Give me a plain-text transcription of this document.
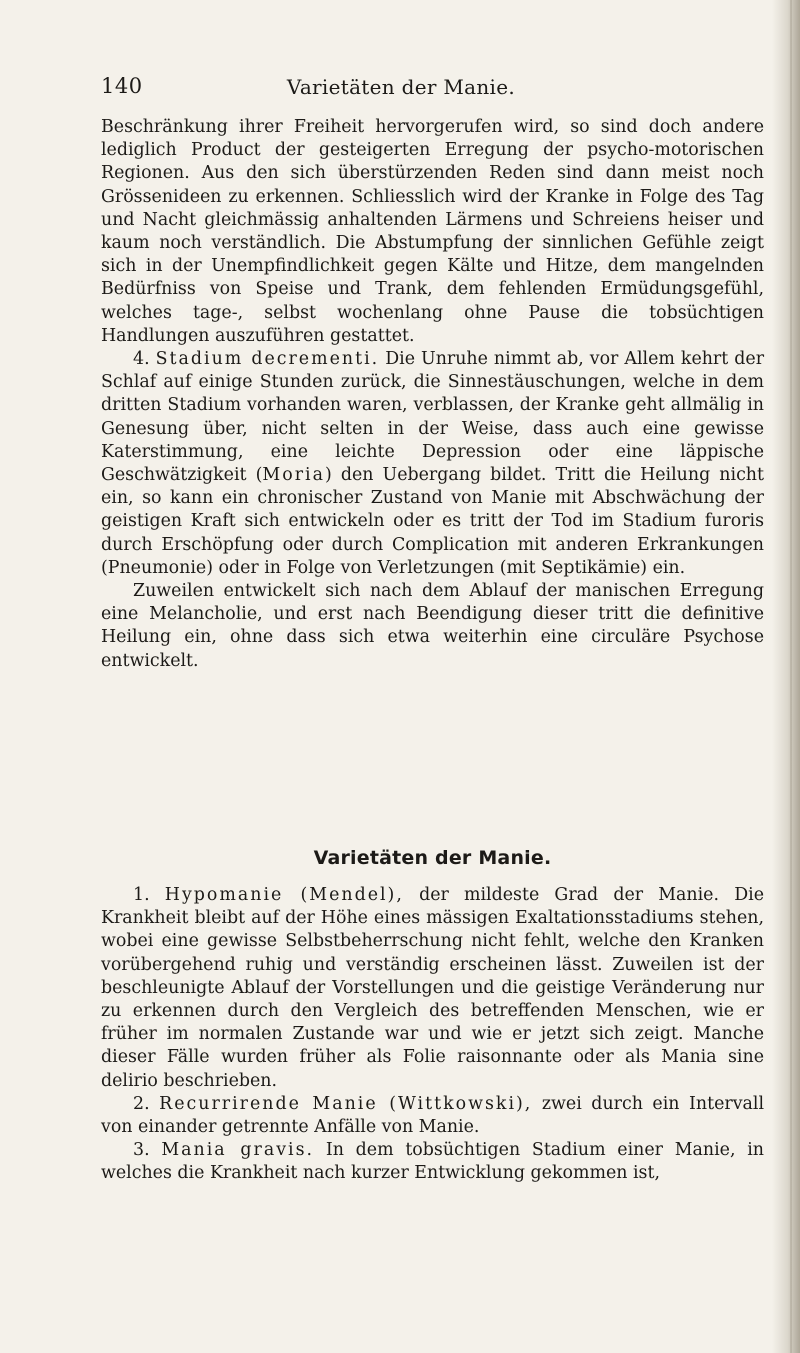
140	Varietäten der Manie.

Beschränkung ihrer Freiheit hervorgerufen wird, so sind doch andere lediglich Product der gesteigerten Erregung der psycho-motorischen Regionen. Aus den sich überstürzenden Reden sind dann meist noch Grössenideen zu erkennen. Schliesslich wird der Kranke in Folge des Tag und Nacht gleichmässig anhaltenden Lärmens und Schreiens heiser und kaum noch verständlich. Die Abstumpfung der sinnlichen Gefühle zeigt sich in der Unempfindlichkeit gegen Kälte und Hitze, dem mangelnden Bedürfniss von Speise und Trank, dem fehlenden Ermüdungsgefühl, welches tage-, selbst wochenlang ohne Pause die tobsüchtigen Handlungen auszuführen gestattet.

4. Stadium decrementi. Die Unruhe nimmt ab, vor Allem kehrt der Schlaf auf einige Stunden zurück, die Sinnestäuschungen, welche in dem dritten Stadium vorhanden waren, verblassen, der Kranke geht allmälig in Genesung über, nicht selten in der Weise, dass auch eine gewisse Katerstimmung, eine leichte Depression oder eine läppische Geschwätzigkeit (Moria) den Uebergang bildet. Tritt die Heilung nicht ein, so kann ein chronischer Zustand von Manie mit Abschwächung der geistigen Kraft sich entwickeln oder es tritt der Tod im Stadium furoris durch Erschöpfung oder durch Complication mit anderen Erkrankungen (Pneumonie) oder in Folge von Verletzungen (mit Septikämie) ein.

Zuweilen entwickelt sich nach dem Ablauf der manischen Erregung eine Melancholie, und erst nach Beendigung dieser tritt die definitive Heilung ein, ohne dass sich etwa weiterhin eine circuläre Psychose entwickelt.

Varietäten der Manie.

1. Hypomanie (Mendel), der mildeste Grad der Manie. Die Krankheit bleibt auf der Höhe eines mässigen Exaltationsstadiums stehen, wobei eine gewisse Selbstbeherrschung nicht fehlt, welche den Kranken vorübergehend ruhig und verständig erscheinen lässt. Zuweilen ist der beschleunigte Ablauf der Vorstellungen und die geistige Veränderung nur zu erkennen durch den Vergleich des betreffenden Menschen, wie er früher im normalen Zustande war und wie er jetzt sich zeigt. Manche dieser Fälle wurden früher als Folie raisonnante oder als Mania sine delirio beschrieben.

2. Recurrirende Manie (Wittkowski), zwei durch ein Intervall von einander getrennte Anfälle von Manie.

3. Mania gravis. In dem tobsüchtigen Stadium einer Manie, in welches die Krankheit nach kurzer Entwicklung gekommen ist,
